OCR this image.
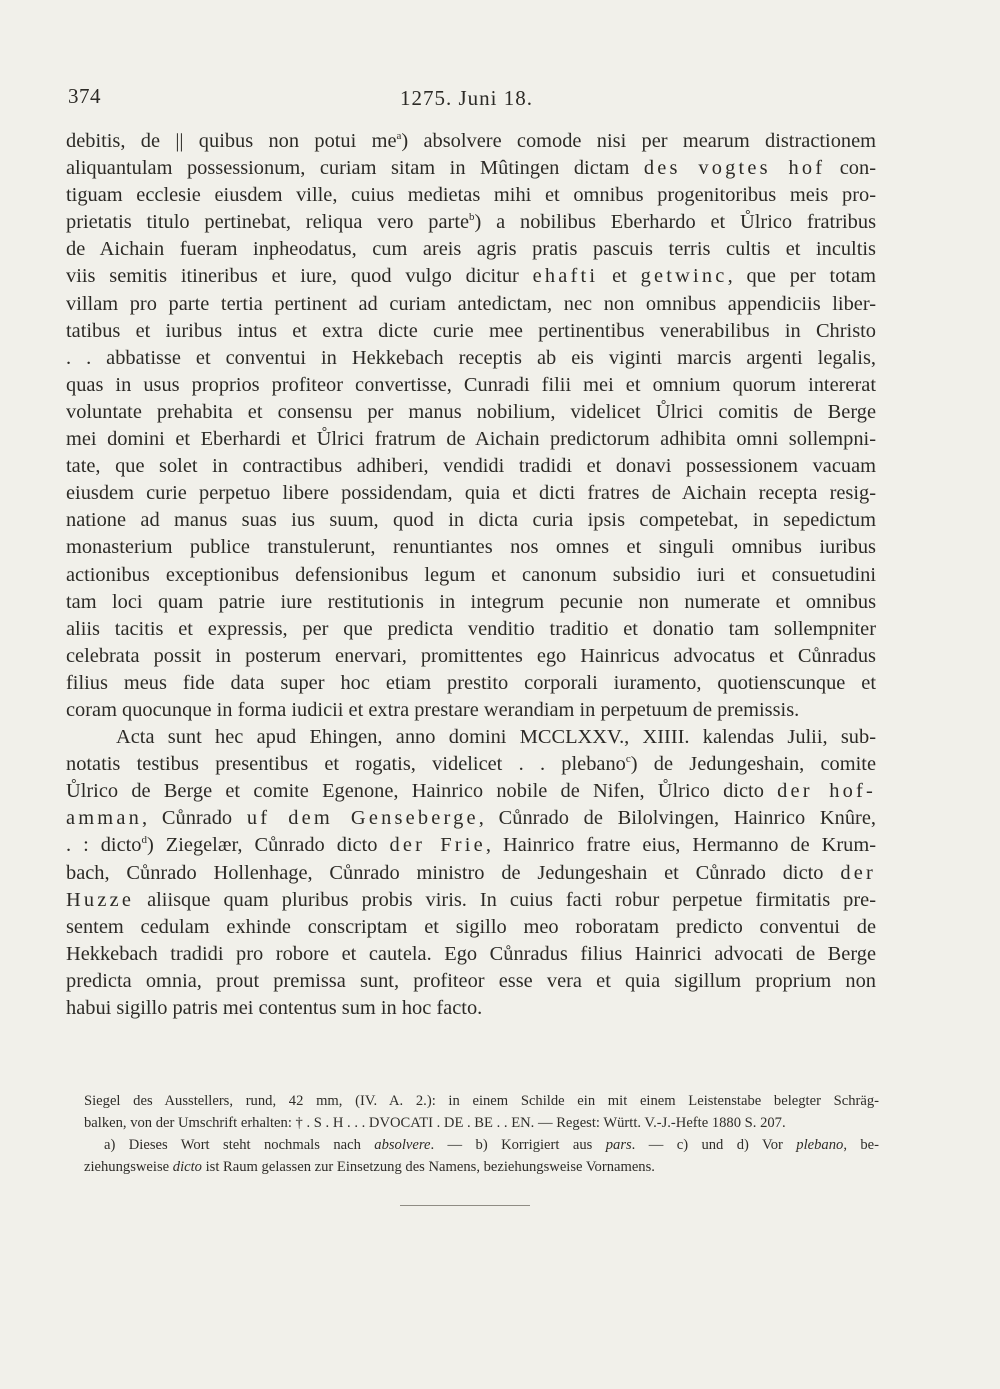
374	1275. Juni 18.
debitis, de || quibus non potui $me^a$) absolvere comode nisi per mearum distractionem
aliquantulam possessionum, curiam sitam in Mûtingen dictam des vogtes hof con-
tiguam ecclesie eiusdem ville, cuius medietas mihi et omnibus progenitoribus meis pro-
prietatis titulo pertinebat, reliqua vero parte$^b$) a nobilibus Eberhardo et Ůlrico fratribus
de Aichain fueram inpheodatus, cum areis agris pratis pascuis terris cultis et incultis
viis semitis itineribus et iure, quod vulgo dicitur ehafti et getwinc, que per totam
villam pro parte tertia pertinent ad curiam antedictam, nec non omnibus appendiciis liber-
tatibus et iuribus intus et extra dicte curie mee pertinentibus venerabilibus in Christo
. . abbatisse et conventui in Hekkebach receptis ab eis viginti marcis argenti legalis,
quas in usus proprios profiteor convertisse, Cunradi filii mei et omnium quorum intererat
voluntate prehabita et consensu per manus nobilium, videlicet Ůlrici comitis de Berge
mei domini et Eberhardi et Ůlrici fratrum de Aichain predictorum adhibita omni sollempni-
tate, que solet in contractibus adhiberi, vendidi tradidi et donavi possessionem vacuam
eiusdem curie perpetuo libere possidendam, quia et dicti fratres de Aichain recepta resig-
natione ad manus suas ius suum, quod in dicta curia ipsis competebat, in sepedictum
monasterium publice transtulerunt, renuntiantes nos omnes et singuli omnibus iuribus
actionibus exceptionibus defensionibus legum et canonum subsidio iuri et consuetudini
tam loci quam patrie iure restitutionis in integrum pecunie non numerate et omnibus
aliis tacitis et expressis, per que predicta venditio traditio et donatio tam sollempniter
celebrata possit in posterum enervari, promittentes ego Hainricus advocatus et Cůnradus
filius meus fide data super hoc etiam prestito corporali iuramento, quotienscunque et
coram quocunque in forma iudicii et extra prestare werandiam in perpetuum de premissis.
Acta sunt hec apud Ehingen, anno domini MCCLXXV., XIIII. kalendas Julii, sub-
notatis testibus presentibus et rogatis, videlicet . . plebano$^c$) de Jedungeshain, comite
Ůlrico de Berge et comite Egenone, Hainrico nobile de Nifen, Ůlrico dicto der hof-
amman, Cůnrado uf dem Genseberge, Cůnrado de Bilolvingen, Hainrico Knûre,
. : dicto$^d$) Ziegelær, Cůnrado dicto der Frie, Hainrico fratre eius, Hermanno de Krum-
bach, Cůnrado Hollenhage, Cůnrado ministro de Jedungeshain et Cůnrado dicto der
Huzze aliisque quam pluribus probis viris. In cuius facti robur perpetue firmitatis pre-
sentem cedulam exhinde conscriptam et sigillo meo roboratam predicto conventui de
Hekkebach tradidi pro robore et cautela. Ego Cůnradus filius Hainrici advocati de Berge
predicta omnia, prout premissa sunt, profiteor esse vera et quia sigillum proprium non
habui sigillo patris mei contentus sum in hoc facto.
Siegel des Ausstellers, rund, 42 mm, (IV. A. 2.): in einem Schilde ein mit einem Leistenstabe belegter Schräg-
balken, von der Umschrift erhalten: † . S . H . . . DVOCATI . DE . BE . . EN. — Regest: Württ. V.-J.-Hefte 1880 S. 207.
a) Dieses Wort steht nochmals nach absolvere. — b) Korrigiert aus pars. — c) und d) Vor plebano, be-
ziehungsweise dicto ist Raum gelassen zur Einsetzung des Namens, beziehungsweise Vornamens.
